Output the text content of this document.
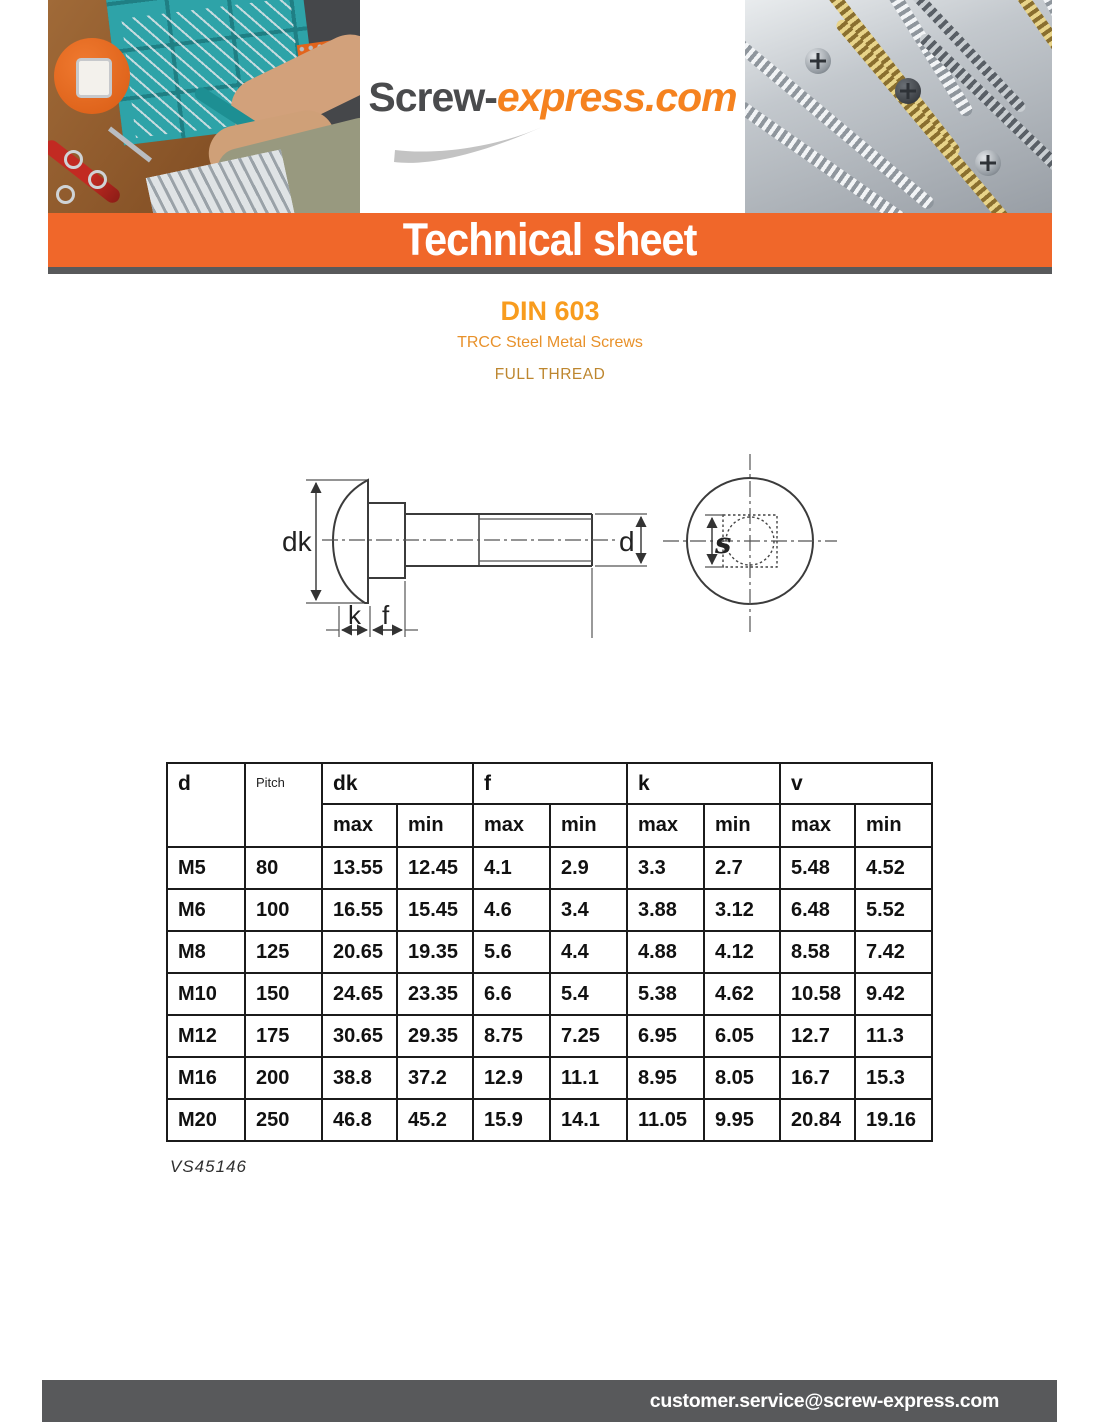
Screw-express.com
Technical sheet
DIN 603
TRCC Steel Metal Screws
FULL THREAD
dk	d
k f
s
d	Pitch	dk		f		k		v	
		max	min	max	min	max	min	max	min
M5	80	13.55	12.45	4.1	2.9	3.3	2.7	5.48	4.52
M6	100	16.55	15.45	4.6	3.4	3.88	3.12	6.48	5.52
M8	125	20.65	19.35	5.6	4.4	4.88	4.12	8.58	7.42
M10	150	24.65	23.35	6.6	5.4	5.38	4.62	10.58	9.42
M12	175	30.65	29.35	8.75	7.25	6.95	6.05	12.7	11.3
M16	200	38.8	37.2	12.9	11.1	8.95	8.05	16.7	15.3
M20	250	46.8	45.2	15.9	14.1	11.05	9.95	20.84	19.16
VS45146
customer.service@screw-express.com
